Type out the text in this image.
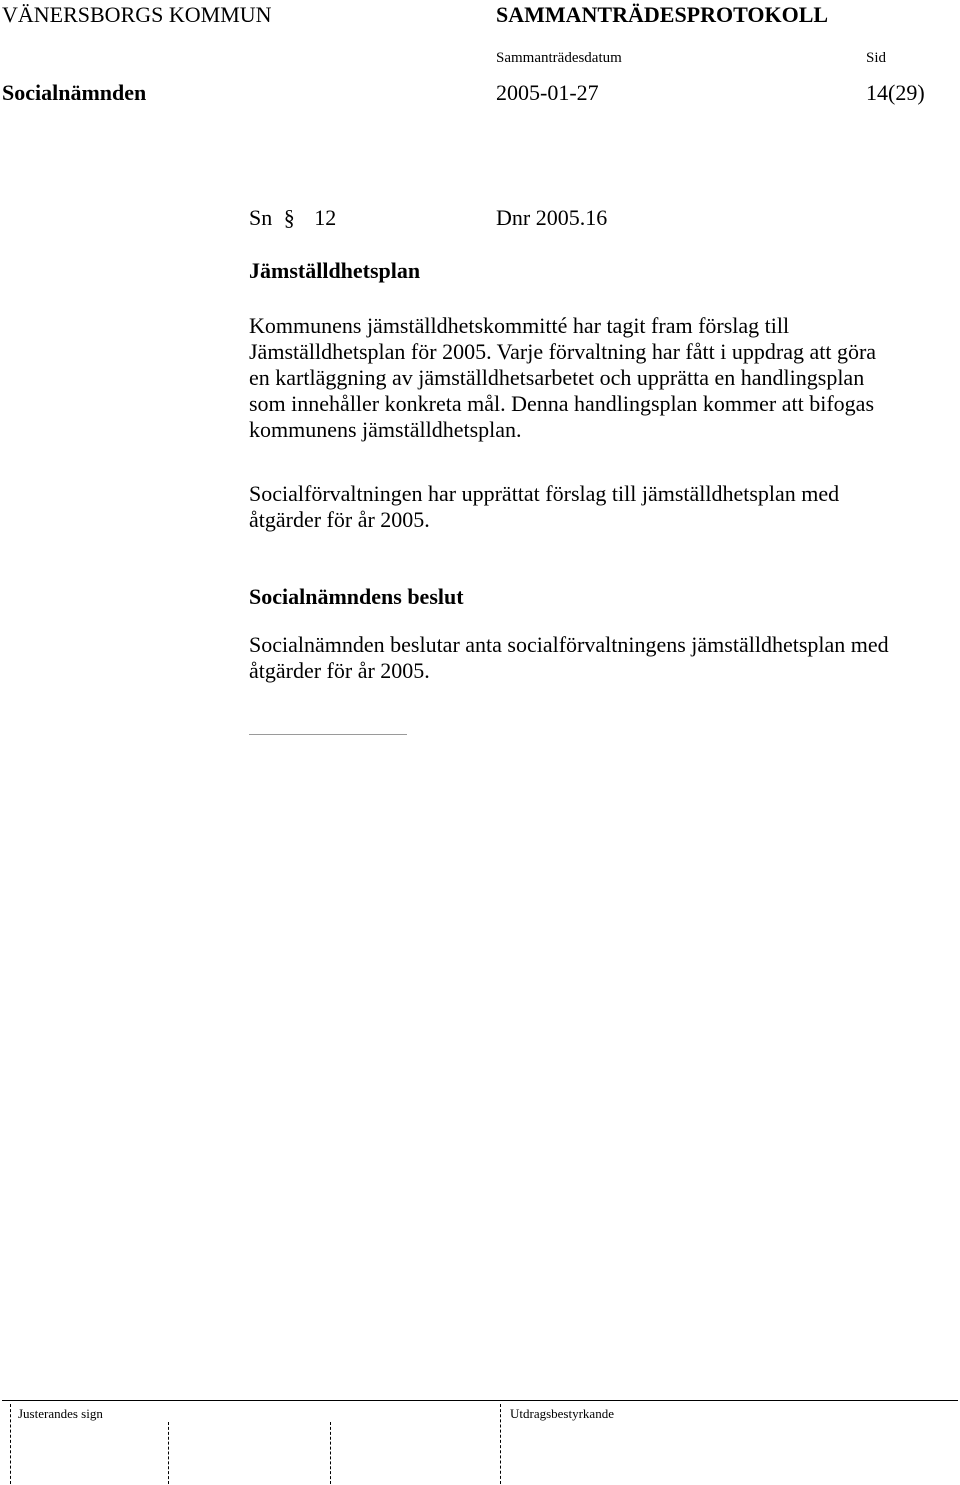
VÄNERSBORGS KOMMUN	SAMMANTRÄDESPROTOKOLL
Sammanträdesdatum	Sid
Socialnämnden	2005-01-27	14(29)
Sn § 12	Dnr 2005.16
Jämställdhetsplan

Kommunens jämställdhetskommitté har tagit fram förslag till Jämställdhetsplan för 2005. Varje förvaltning har fått i uppdrag att göra en kartläggning av jämställdhetsarbetet och upprätta en handlingsplan som innehåller konkreta mål. Denna handlingsplan kommer att bifogas kommunens jämställdhetsplan.

Socialförvaltningen har upprättat förslag till jämställdhetsplan med åtgärder för år 2005.

Socialnämndens beslut

Socialnämnden beslutar anta socialförvaltningens jämställdhetsplan med åtgärder för år 2005.

Justerandes sign	Utdragsbestyrkande
